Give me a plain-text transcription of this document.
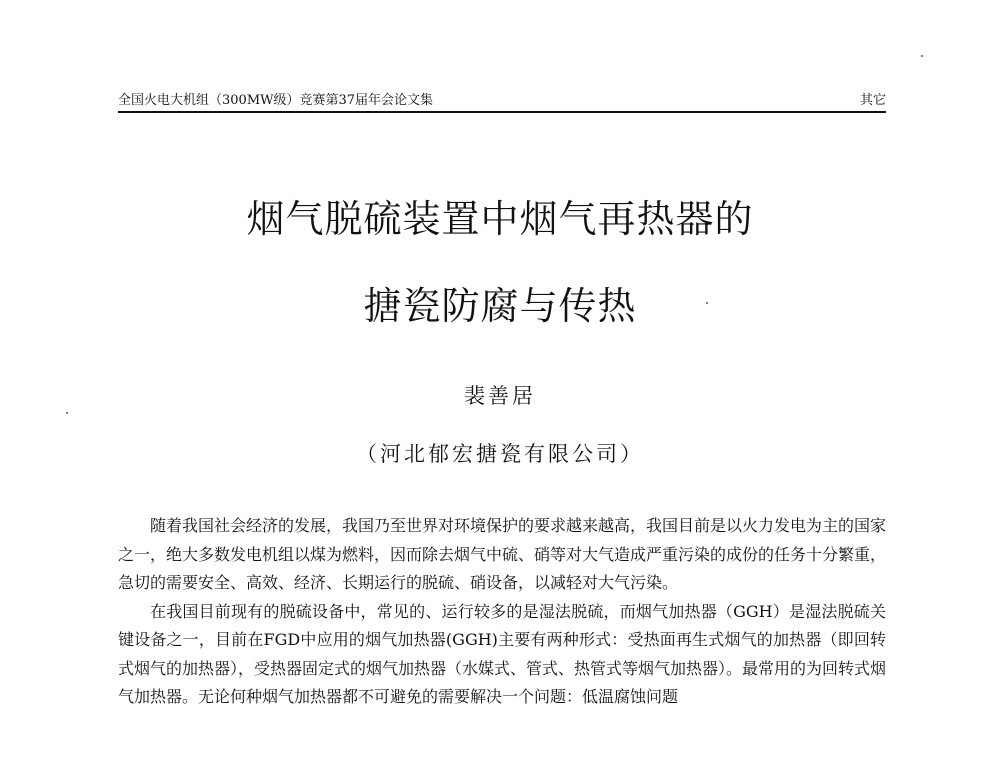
全国火电大机组（300MW级）竞赛第37届年会论文集	其它
烟气脱硫装置中烟气再热器的
搪瓷防腐与传热
裴善居
（河北郁宏搪瓷有限公司）

随着我国社会经济的发展，我国乃至世界对环境保护的要求越来越高，我国目前是以火力发电为主的国家之一，绝大多数发电机组以煤为燃料，因而除去烟气中硫、硝等对大气造成严重污染的成份的任务十分繁重，急切的需要安全、高效、经济、长期运行的脱硫、硝设备，以减轻对大气污染。

在我国目前现有的脱硫设备中，常见的、运行较多的是湿法脱硫，而烟气加热器（GGH）是湿法脱硫关键设备之一，目前在FGD中应用的烟气加热器(GGH)主要有两种形式：受热面再生式烟气的加热器（即回转式烟气的加热器），受热器固定式的烟气加热器（水媒式、管式、热管式等烟气加热器）。最常用的为回转式烟气加热器。无论何种烟气加热器都不可避免的需要解决一个问题：低温腐蚀问题
